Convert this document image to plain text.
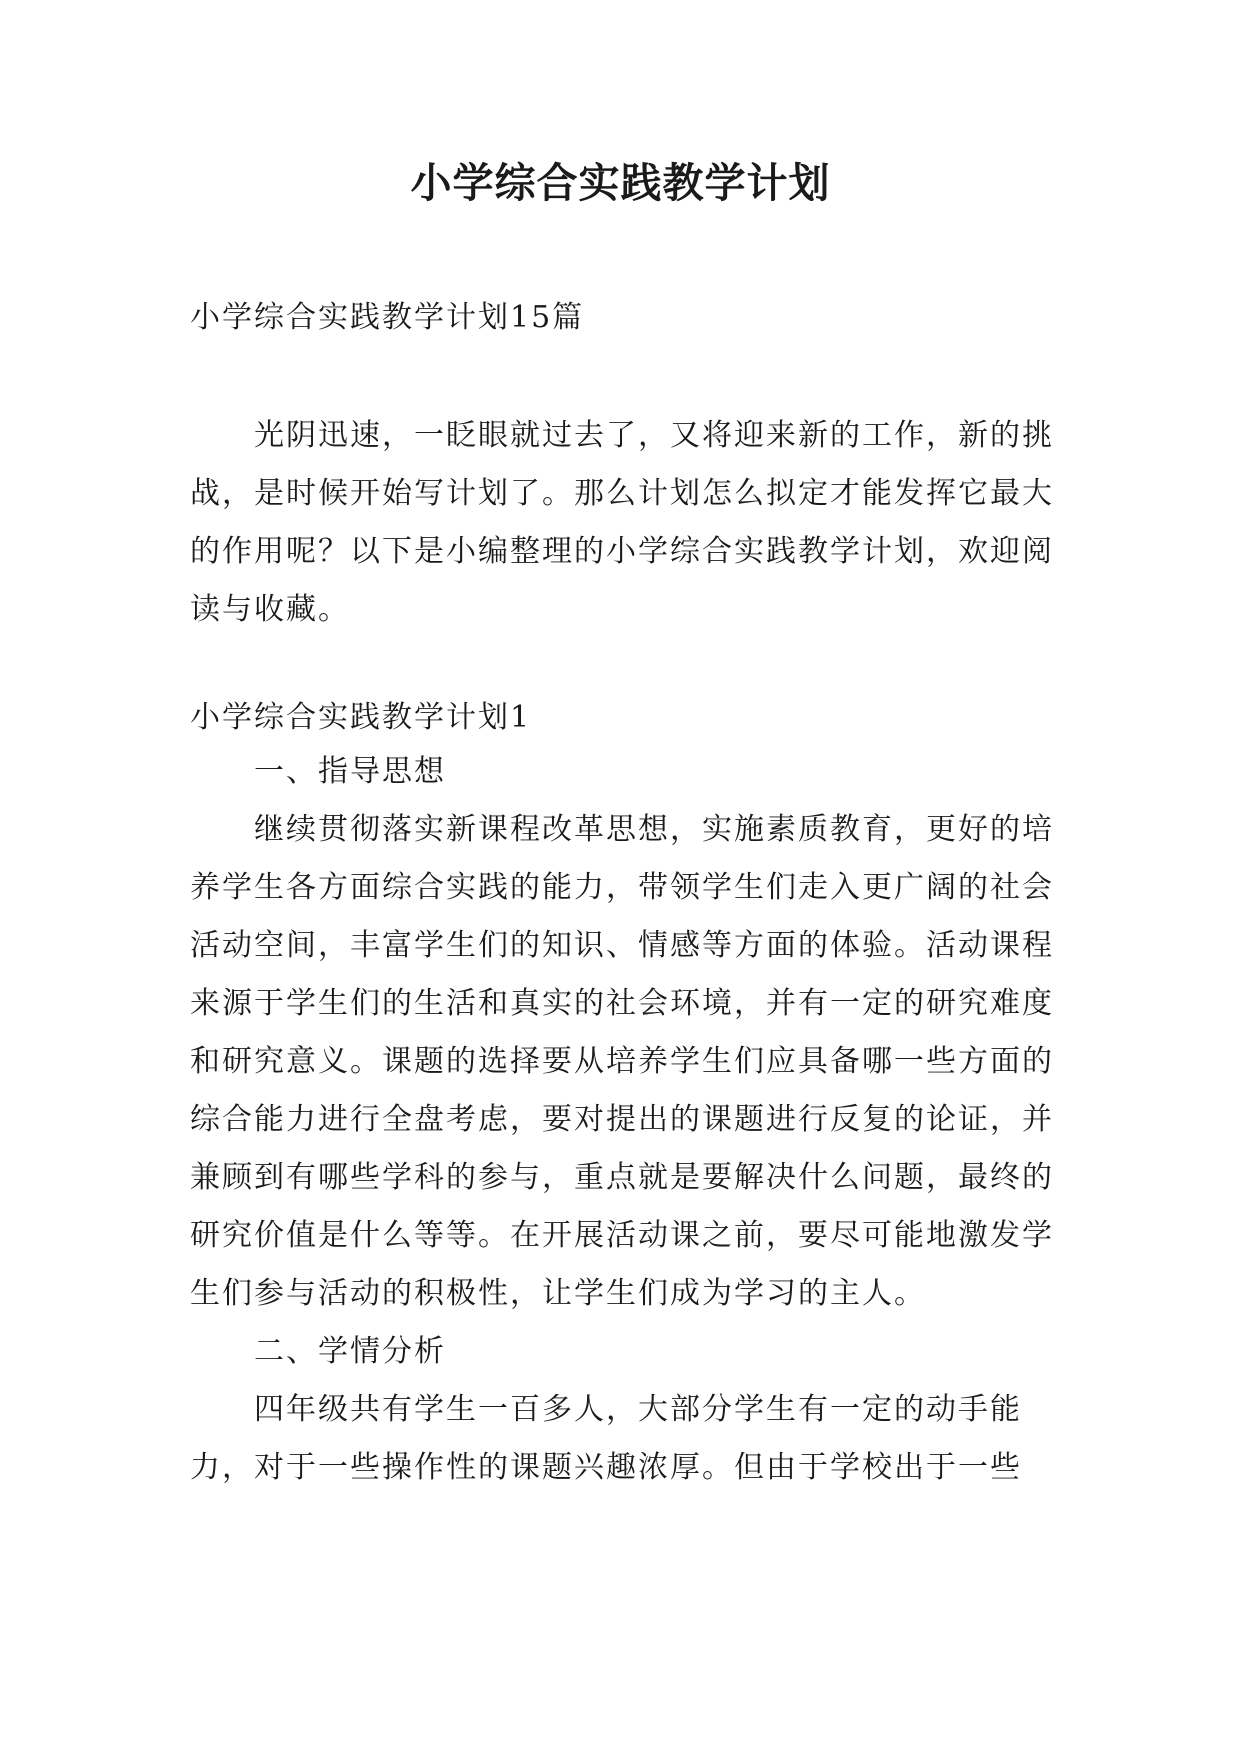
小学综合实践教学计划
小学综合实践教学计划15篇
光阴迅速，一眨眼就过去了，又将迎来新的工作，新的挑战，是时候开始写计划了。那么计划怎么拟定才能发挥它最大的作用呢？以下是小编整理的小学综合实践教学计划，欢迎阅读与收藏。
小学综合实践教学计划1

一、指导思想

继续贯彻落实新课程改革思想，实施素质教育，更好的培养学生各方面综合实践的能力，带领学生们走入更广阔的社会活动空间，丰富学生们的知识、情感等方面的体验。活动课程来源于学生们的生活和真实的社会环境，并有一定的研究难度和研究意义。课题的选择要从培养学生们应具备哪一些方面的综合能力进行全盘考虑，要对提出的课题进行反复的论证，并兼顾到有哪些学科的参与，重点就是要解决什么问题，最终的研究价值是什么等等。在开展活动课之前，要尽可能地激发学生们参与活动的积极性，让学生们成为学习的主人。

二、学情分析

四年级共有学生一百多人，大部分学生有一定的动手能力，对于一些操作性的课题兴趣浓厚。但由于学校出于一些
